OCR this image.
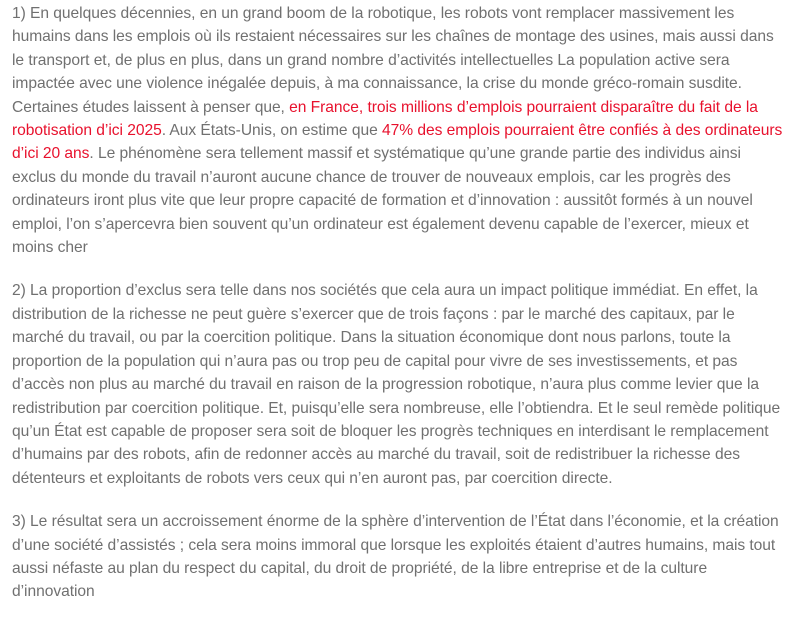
1) En quelques décennies, en un grand boom de la robotique, les robots vont remplacer massivement les humains dans les emplois où ils restaient nécessaires sur les chaînes de montage des usines, mais aussi dans le transport et, de plus en plus, dans un grand nombre d’activités intellectuelles La population active sera impactée avec une violence inégalée depuis, à ma connaissance, la crise du monde gréco-romain susdite. Certaines études laissent à penser que, en France, trois millions d’emplois pourraient disparaître du fait de la robotisation d’ici 2025. Aux États-Unis, on estime que 47% des emplois pourraient être confiés à des ordinateurs d’ici 20 ans. Le phénomène sera tellement massif et systématique qu’une grande partie des individus ainsi exclus du monde du travail n’auront aucune chance de trouver de nouveaux emplois, car les progrès des ordinateurs iront plus vite que leur propre capacité de formation et d’innovation : aussitôt formés à un nouvel emploi, l’on s’apercevra bien souvent qu’un ordinateur est également devenu capable de l’exercer, mieux et moins cher

2) La proportion d’exclus sera telle dans nos sociétés que cela aura un impact politique immédiat. En effet, la distribution de la richesse ne peut guère s’exercer que de trois façons : par le marché des capitaux, par le marché du travail, ou par la coercition politique. Dans la situation économique dont nous parlons, toute la proportion de la population qui n’aura pas ou trop peu de capital pour vivre de ses investissements, et pas d’accès non plus au marché du travail en raison de la progression robotique, n’aura plus comme levier que la redistribution par coercition politique. Et, puisqu’elle sera nombreuse, elle l’obtiendra. Et le seul remède politique qu’un État est capable de proposer sera soit de bloquer les progrès techniques en interdisant le remplacement d’humains par des robots, afin de redonner accès au marché du travail, soit de redistribuer la richesse des détenteurs et exploitants de robots vers ceux qui n’en auront pas, par coercition directe.

3) Le résultat sera un accroissement énorme de la sphère d’intervention de l’État dans l’économie, et la création d’une société d’assistés ; cela sera moins immoral que lorsque les exploités étaient d’autres humains, mais tout aussi néfaste au plan du respect du capital, du droit de propriété, de la libre entreprise et de la culture d’innovation
